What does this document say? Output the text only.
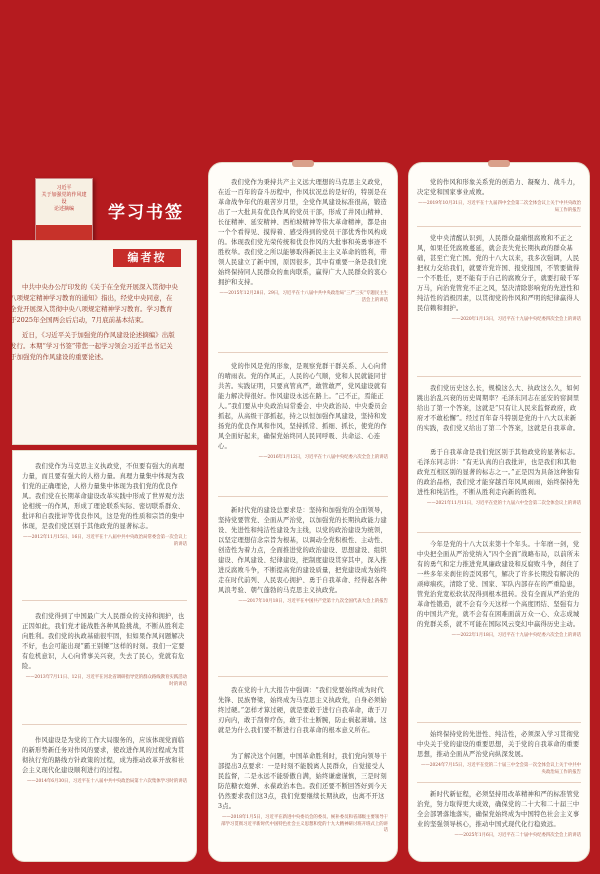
习近平
关于加强党的作风建设
论述摘编	学习书签
编者按

中共中央办公厅印发的《关于在全党开展深入贯彻中央八项规定精神学习教育的通知》指出，经党中央同意，在全党开展深入贯彻中央八项规定精神学习教育。学习教育于2025年全国两会后启动，7月底前基本结束。

近日，《习近平关于加强党的作风建设论述摘编》出版发行。本期“学习书签”带您一起学习领会习近平总书记关于加强党的作风建设的重要论述。

我们党作为马克思主义执政党，不但要有强大的真理力量，而且要有强大的人格力量。真理力量集中体现为我们党的正确理论，人格力量集中体现为我们党的优良作风。我们党在长期革命建设改革实践中形成了世界观方法论相统一的作风，形成了理论联系实际、密切联系群众、批评和自我批评等优良作风，这是党的性质和宗旨的集中体现，是我们党区别于其他政党的显著标志。

——2012年11月15日、16日，习近平在十八届中共中央政治局常委会第一次会议上的讲话

我们党得到了中国最广大人民群众的支持和拥护，也正因如此，我们党才能战胜各种风险挑战，不断从胜利走向胜利。我们党的执政基础很牢固，但如果作风问题解决不好，也会可能出现“霸王别姬”这样的时刻。我们一定要有危机意识，人心向背事关兴衰，失去了民心，党就有危险。

——2013年7月11日、12日，习近平在河北省调研指导党的群众路线教育实践活动时的讲话

作风建设是为党的工作大局服务的，应该体现党面临的新形势新任务对作风的要求，使改进作风的过程成为贯彻执行党的路线方针政策的过程，成为推动改革开放和社会主义现代化建设顺利进行的过程。

——2014年6月30日，习近平在十八届中共中央政治局第十六次集体学习时的讲话

我们党作为秉持共产主义远大理想的马克思主义政党，在近一百年的奋斗历程中，作风状况总的是好的，特别是在革命战争年代的艰苦岁月里，全党作风建设标准很高，锻造出了一大批具有优良作风的党员干部，形成了井冈山精神、长征精神、延安精神、西柏坡精神等伟大革命精神，都是由一个个看得见、摸得着、感受得到的党员干部优秀作风构成的。体现我们党光荣传统和优良作风的大批事和英勇事迹不胜枚举。我们党之所以能够取得新民主主义革命的胜利，带领人民建立了新中国，原因很多，其中有重要一条是我们党始终保持同人民群众的血肉联系，赢得广大人民群众的衷心拥护和支持。

——2015年12月28日、29日，习近平在十八届中共中央政治局“三严三实”专题民主生活会上的讲话

党的作风是党的形象，是观察党群干群关系、人心向背的晴雨表。党的作风正，人民的心气顺，党和人民就能同甘共苦。实践证明，只要真管真严，敢管敢严，党风建设就有能力解决得很好。作风建设永远在路上。“己不正，焉能正人。”我们要从中央政治局常委会、中央政治局、中央委员会抓起，从高级干部抓起，持之以恒加强作风建设，坚持和发扬党的优良作风和作风，坚持抓常、抓细、抓长，使党的作风全面好起来，确保党始终同人民同呼吸、共命运、心连心。

——2016年1月12日，习近平在十八届中央纪委六次全会上的讲话

新时代党的建设总要求是：坚持和加强党的全面领导，坚持党要管党、全面从严治党，以加强党的长期执政能力建设、先进性和纯洁性建设为主线，以党的政治建设为统领，以坚定理想信念宗旨为根基，以调动全党积极性、主动性、创造性为着力点，全面推进党的政治建设、思想建设、组织建设、作风建设、纪律建设，把制度建设贯穿其中，深入推进反腐败斗争，不断提高党的建设质量，把党建设成为始终走在时代前列、人民衷心拥护、勇于自我革命、经得起各种风浪考验、朝气蓬勃的马克思主义执政党。

——2017年10月18日，习近平在中国共产党第十九次全国代表大会上的报告

我在党的十九大报告中强调：“我们党要始终成为时代先锋、民族脊梁，始终成为马克思主义执政党，自身必须始终过硬。”怎样才算过硬，就是要敢于进行自我革命，敢于刀刃向内，敢于刮骨疗伤，敢于壮士断腕，防止祸起萧墙。这就是为什么我们要不断进行自我革命的根本意义所在。

为了解决这个问题，中国革命胜利时，我们党向领导干部提出3点要求：一是时刻不能脱离人民群众，自觉接受人民监督，二是永远不能骄傲自满，始终谦虚谨慎，三是时刻防范糖衣炮弹、永葆政治本色。我们还要不断回答好到今天仍然要求我们这3点，我们党要继续长期执政，也离不开这3点。

——2018年1月5日，习近平在新进中央委员会的委员、候补委员和省部级主要领导干部学习贯彻习近平新时代中国特色社会主义思想和党的十九大精神研讨班开班式上的讲话

党的作风和形象关系党的创造力、凝聚力、战斗力，决定党和国家事业成败。

——2019年10月31日，习近平在十九届四中全会第二次全体会议上关于中共央政治局工作的报告

党中央清醒认识到，人民群众最痛恨腐败和不正之风，如果任凭腐败蔓延，就会丧失党长期执政的群众基础，甚至亡党亡国。党的十八大以来，我多次强调，人民把权力交给我们，就要许党许国、报党报国，不管要做得一个不胜任，更不能有于自己的腐败分子，就要打破千军万马，向治党管党不正之风，坚决清除影响党的先进性和纯洁性的消极因素，以贯彻党的作风和严明的纪律赢得人民信赖和拥护。

——2020年1月13日，习近平在十九届中央纪委四次全会上的讲话

我们党历史这么长，规模这么大、执政这么久，如何跳出治乱兴衰的历史周期率？毛泽东同志在延安的窑洞里给出了第一个答案，这就是“只有让人民来监督政府，政府才不敢松懈”。经过百年奋斗特别是党的十八大以来新的实践，我们党又给出了第二个答案，这就是自我革命。

勇于自我革命是我们党区别于其他政党的显著标志。毛泽东同志讲：“有无认真的自我批评，也是我们和其他政党互相区别的显著的标志之一。”正是因为具备这种独有的政治品格，我们党才能穿越百年风风雨雨，始终保持先进性和纯洁性，不断从胜利走向新的胜利。

——2021年11月11日，习近平在党的十九届六中全会第二次全体会议上的讲话

今年是党的十八大以来第十个年头。十年磨一剑，党中央把全面从严治党纳入“四个全面”战略布局，以前所未有的勇气和定力推进党风廉政建设和反腐败斗争，刹住了一些多年来刹住的歪风邪气，解决了许多长期没有解决的顽瘴痼疾，清除了党、国家、军队内部存在的严重隐患，管党治党宽松软状况得到根本扭转。没有全面从严治党的革命性锻造，就不会有今天这样一个高度团结、坚强有力的中国共产党，就不会有在困难面前万众一心、众志成城的党群关系，就不可能在国际风云变幻中赢得历史主动。

——2022年1月18日，习近平在十九届中央纪委六次全会上的讲话

始终保持党的先进性、纯洁性，必须深入学习贯彻党中央关于党的建设的重要思想，关于党的自我革命的重要思想，推动全面从严治党向纵深发展。

——2024年7月15日，习近平在党的二十届三中全会第一次全体会议上关于中共中央政治局工作的报告

新时代新征程，必须坚持用改革精神和严的标准管党治党，努力取得更大成效，确保党的二十大和二十届三中全会部署落地落实，确保党始终成为中国特色社会主义事业的坚强领导核心，推动中国式现代化行稳致远。

——2025年1月6日，习近平在二十届中央纪委四次全会上的讲话
